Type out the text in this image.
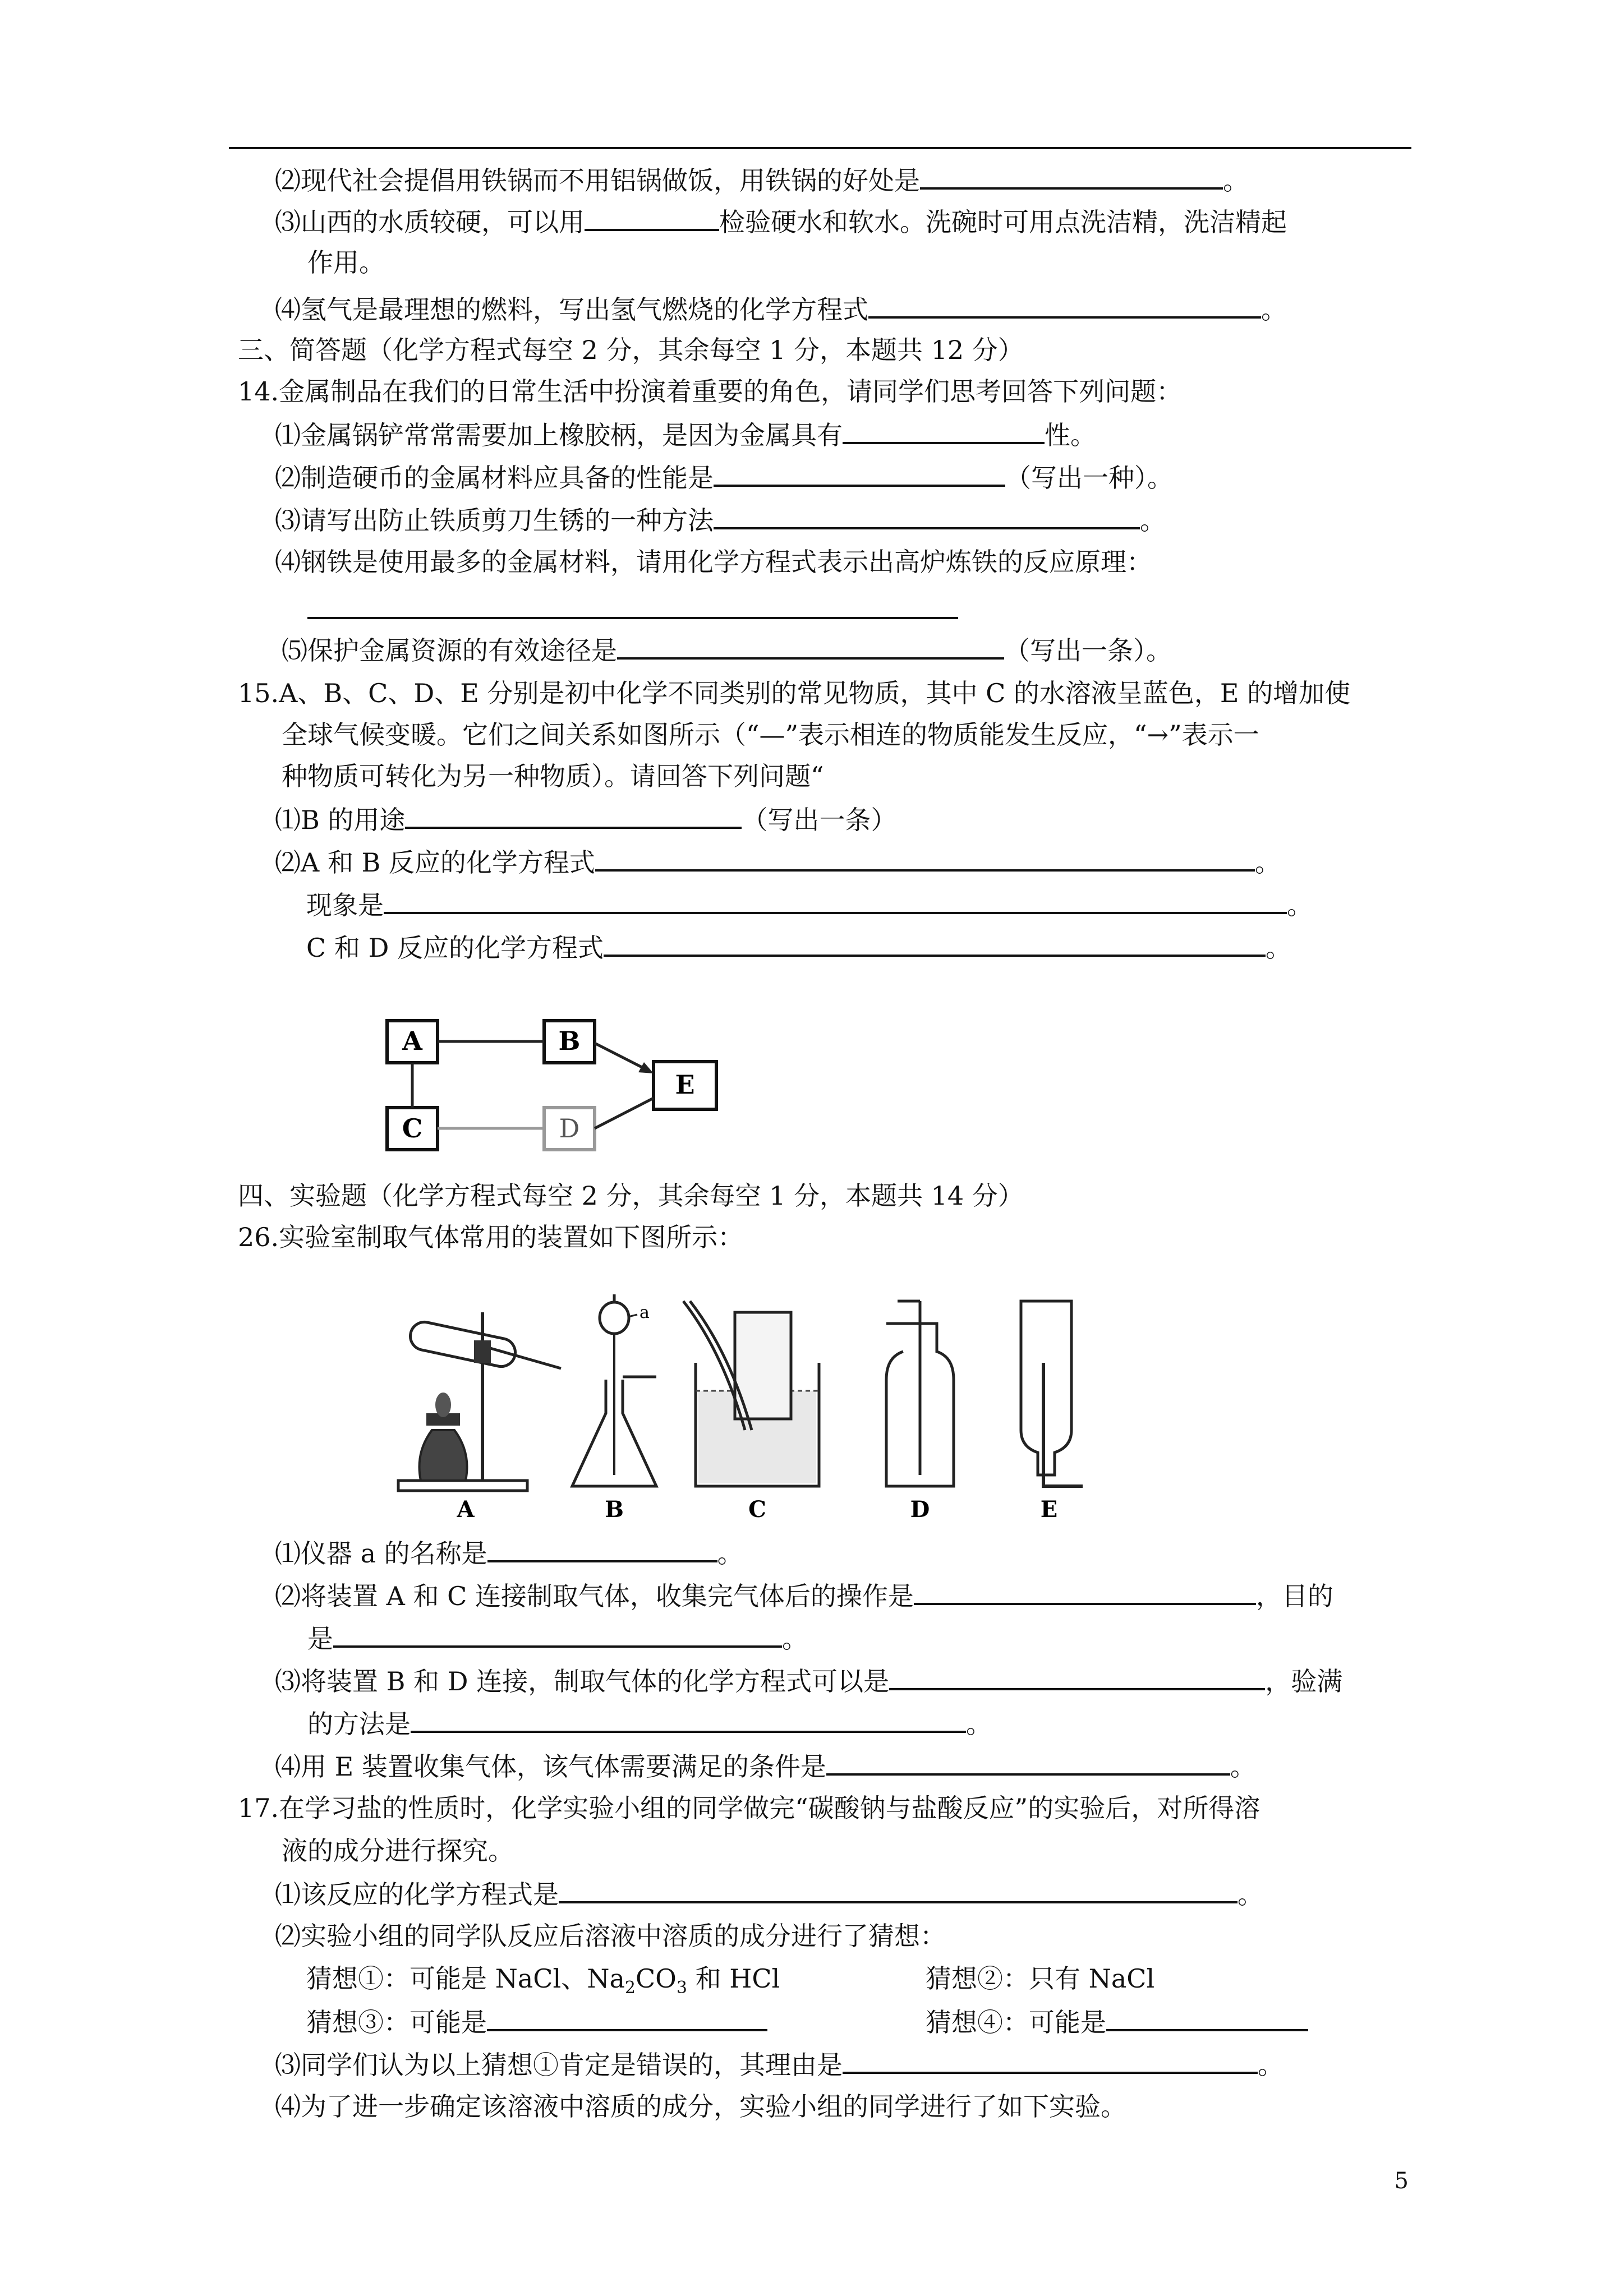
⑵现代社会提倡用铁锅而不用铝锅做饭，用铁锅的好处是	。
⑶山西的水质较硬，可以用	检验硬水和软水。洗碗时可用点洗洁精，洗洁精起
作用。
⑷氢气是最理想的燃料，写出氢气燃烧的化学方程式	。
三、简答题（化学方程式每空 2 分，其余每空 1 分，本题共 12 分）
14.金属制品在我们的日常生活中扮演着重要的角色，请同学们思考回答下列问题：
⑴金属锅铲常常需要加上橡胶柄，是因为金属具有	性。
⑵制造硬币的金属材料应具备的性能是	（写出一种）。
⑶请写出防止铁质剪刀生锈的一种方法	。
⑷钢铁是使用最多的金属材料，请用化学方程式表示出高炉炼铁的反应原理：
⑸保护金属资源的有效途径是	（写出一条）。
15.A、B、C、D、E 分别是初中化学不同类别的常见物质，其中 C 的水溶液呈蓝色，E 的增加使
全球气候变暖。它们之间关系如图所示（“—”表示相连的物质能发生反应，“→”表示一
种物质可转化为另一种物质）。请回答下列问题“
⑴B 的用途	（写出一条）
⑵A 和 B 反应的化学方程式	。
现象是	。
C 和 D 反应的化学方程式	。
A	B
C	D
E
四、实验题（化学方程式每空 2 分，其余每空 1 分，本题共 14 分）
26.实验室制取气体常用的装置如下图所示：
A
a
B	C	D	E
⑴仪器 a 的名称是	。
⑵将装置 A 和 C 连接制取气体，收集完气体后的操作是	，目的
是	。
⑶将装置 B 和 D 连接，制取气体的化学方程式可以是	，验满
的方法是	。
⑷用 E 装置收集气体，该气体需要满足的条件是	。
17.在学习盐的性质时，化学实验小组的同学做完“碳酸钠与盐酸反应”的实验后，对所得溶
液的成分进行探究。
⑴该反应的化学方程式是	。
⑵实验小组的同学队反应后溶液中溶质的成分进行了猜想：
猜想①：可能是 NaCl、$Na_2CO_3$ 和 HCl	猜想②：只有 NaCl
猜想③：可能是	猜想④：可能是
⑶同学们认为以上猜想①肯定是错误的，其理由是	。
⑷为了进一步确定该溶液中溶质的成分，实验小组的同学进行了如下实验。
5
